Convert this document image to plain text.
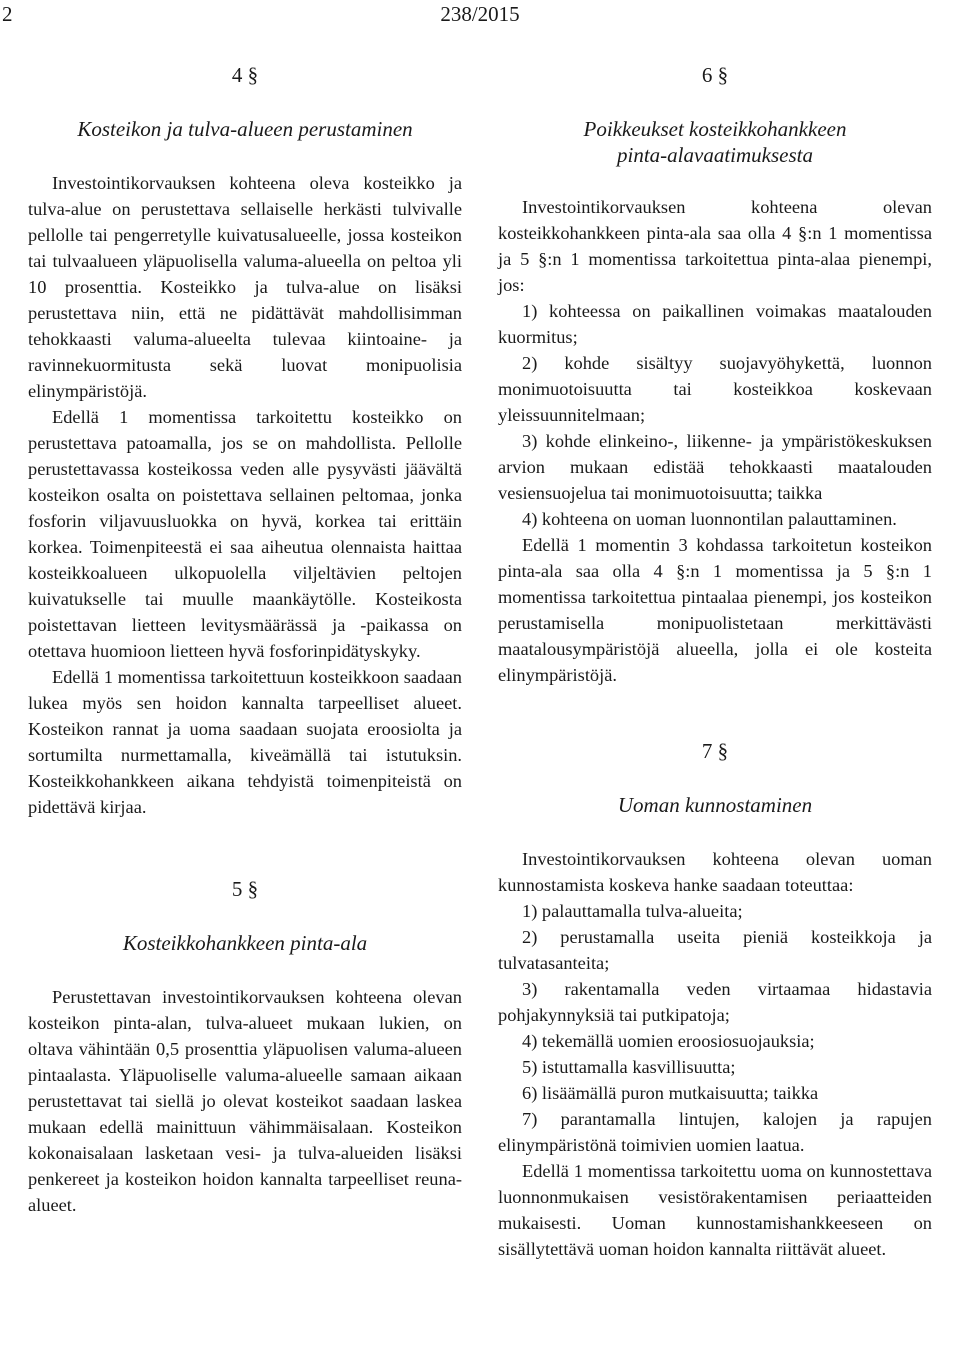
2	238/2015

4 §

Kosteikon ja tulva-alueen perustaminen

Investointikorvauksen kohteena oleva kosteikko ja tulva-alue on perustettava sellaiselle herkästi tulvivalle pellolle tai pengerretylle kuivatusalueelle, jossa kosteikon tai tulvaalueen yläpuolisella valuma-alueella on peltoa yli 10 prosenttia. Kosteikko ja tulva-alue on lisäksi perustettava niin, että ne pidättävät mahdollisimman tehokkaasti valuma-alueelta tulevaa kiintoaine- ja ravinnekuormitusta sekä luovat monipuolisia elinympäristöjä.

Edellä 1 momentissa tarkoitettu kosteikko on perustettava patoamalla, jos se on mahdollista. Pellolle perustettavassa kosteikossa veden alle pysyvästi jäävältä kosteikon osalta on poistettava sellainen peltomaa, jonka fosforin viljavuusluokka on hyvä, korkea tai erittäin korkea. Toimenpiteestä ei saa aiheutua olennaista haittaa kosteikkoalueen ulkopuolella viljeltävien peltojen kuivatukselle tai muulle maankäytölle. Kosteikosta poistettavan lietteen levitysmäärässä ja -paikassa on otettava huomioon lietteen hyvä fosforinpidätyskyky.

Edellä 1 momentissa tarkoitettuun kosteikkoon saadaan lukea myös sen hoidon kannalta tarpeelliset alueet. Kosteikon rannat ja uoma saadaan suojata eroosiolta ja sortumilta nurmettamalla, kiveämällä tai istutuksin. Kosteikkohankkeen aikana tehdyistä toimenpiteistä on pidettävä kirjaa.

5 §

Kosteikkohankkeen pinta-ala

Perustettavan investointikorvauksen kohteena olevan kosteikon pinta-alan, tulva-alueet mukaan lukien, on oltava vähintään 0,5 prosenttia yläpuolisen valuma-alueen pintaalasta. Yläpuoliselle valuma-alueelle samaan aikaan perustettavat tai siellä jo olevat kosteikot saadaan laskea mukaan edellä mainittuun vähimmäisalaan. Kosteikon kokonaisalaan lasketaan vesi- ja tulva-alueiden lisäksi penkereet ja kosteikon hoidon kannalta tarpeelliset reuna-alueet.

6 §

Poikkeukset kosteikkohankkeen

pinta-alavaatimuksesta

Investointikorvauksen kohteena olevan kosteikkohankkeen pinta-ala saa olla 4 §:n 1 momentissa ja 5 §:n 1 momentissa tarkoitettua pinta-alaa pienempi, jos:

1) kohteessa on paikallinen voimakas maatalouden kuormitus;

2) kohde sisältyy suojavyöhykettä, luonnon monimuotoisuutta tai kosteikkoa koskevaan yleissuunnitelmaan;

3) kohde elinkeino-, liikenne- ja ympäristökeskuksen arvion mukaan edistää tehokkaasti maatalouden vesiensuojelua tai monimuotoisuutta; taikka

4) kohteena on uoman luonnontilan palauttaminen.

Edellä 1 momentin 3 kohdassa tarkoitetun kosteikon pinta-ala saa olla 4 §:n 1 momentissa ja 5 §:n 1 momentissa tarkoitettua pintaalaa pienempi, jos kosteikon perustamisella monipuolistetaan merkittävästi maatalousympäristöjä alueella, jolla ei ole kosteita elinympäristöjä.

7 §

Uoman kunnostaminen

Investointikorvauksen kohteena olevan uoman kunnostamista koskeva hanke saadaan toteuttaa:

1) palauttamalla tulva-alueita;

2) perustamalla useita pieniä kosteikkoja ja tulvatasanteita;

3) rakentamalla veden virtaamaa hidastavia pohjakynnyksiä tai putkipatoja;

4) tekemällä uomien eroosiosuojauksia;

5) istuttamalla kasvillisuutta;

6) lisäämällä puron mutkaisuutta; taikka

7) parantamalla lintujen, kalojen ja rapujen elinympäristönä toimivien uomien laatua.

Edellä 1 momentissa tarkoitettu uoma on kunnostettava luonnonmukaisen vesistörakentamisen periaatteiden mukaisesti. Uoman kunnostamishankkeeseen on sisällytettävä uoman hoidon kannalta riittävät alueet.
